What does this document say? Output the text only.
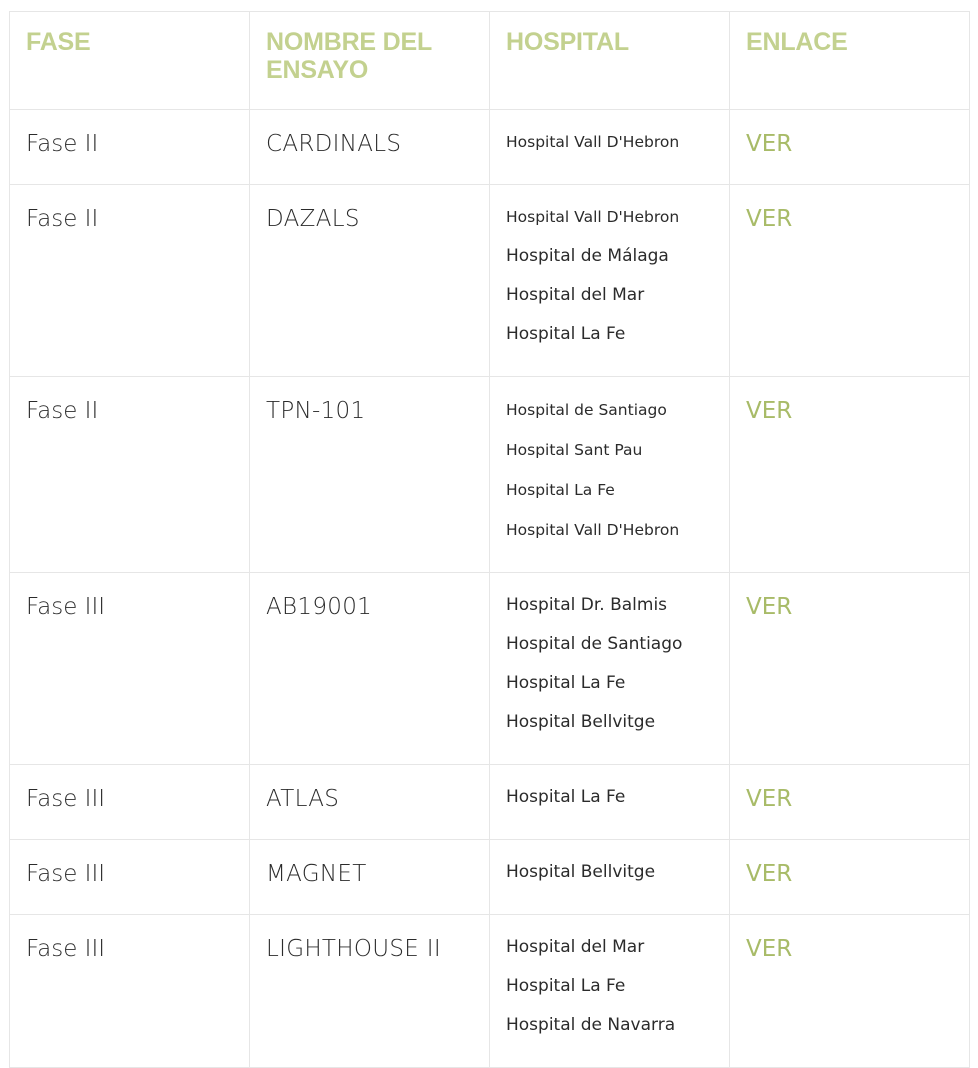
FASE	NOMBRE DEL ENSAYO	HOSPITAL	ENLACE
Fase II	CARDINALS	Hospital Vall D'Hebron	VER
Fase II	DAZALS	Hospital Vall D'Hebron
Hospital de Málaga
Hospital del Mar
Hospital La Fe	VER
Fase II	TPN-101	Hospital de Santiago
Hospital Sant Pau
Hospital La Fe
Hospital Vall D'Hebron	VER
Fase III	AB19001	Hospital Dr. Balmis
Hospital de Santiago
Hospital La Fe
Hospital Bellvitge	VER
Fase III	ATLAS	Hospital La Fe	VER
Fase III	MAGNET	Hospital Bellvitge	VER
Fase III	LIGHTHOUSE II	Hospital del Mar
Hospital La Fe
Hospital de Navarra	VER
